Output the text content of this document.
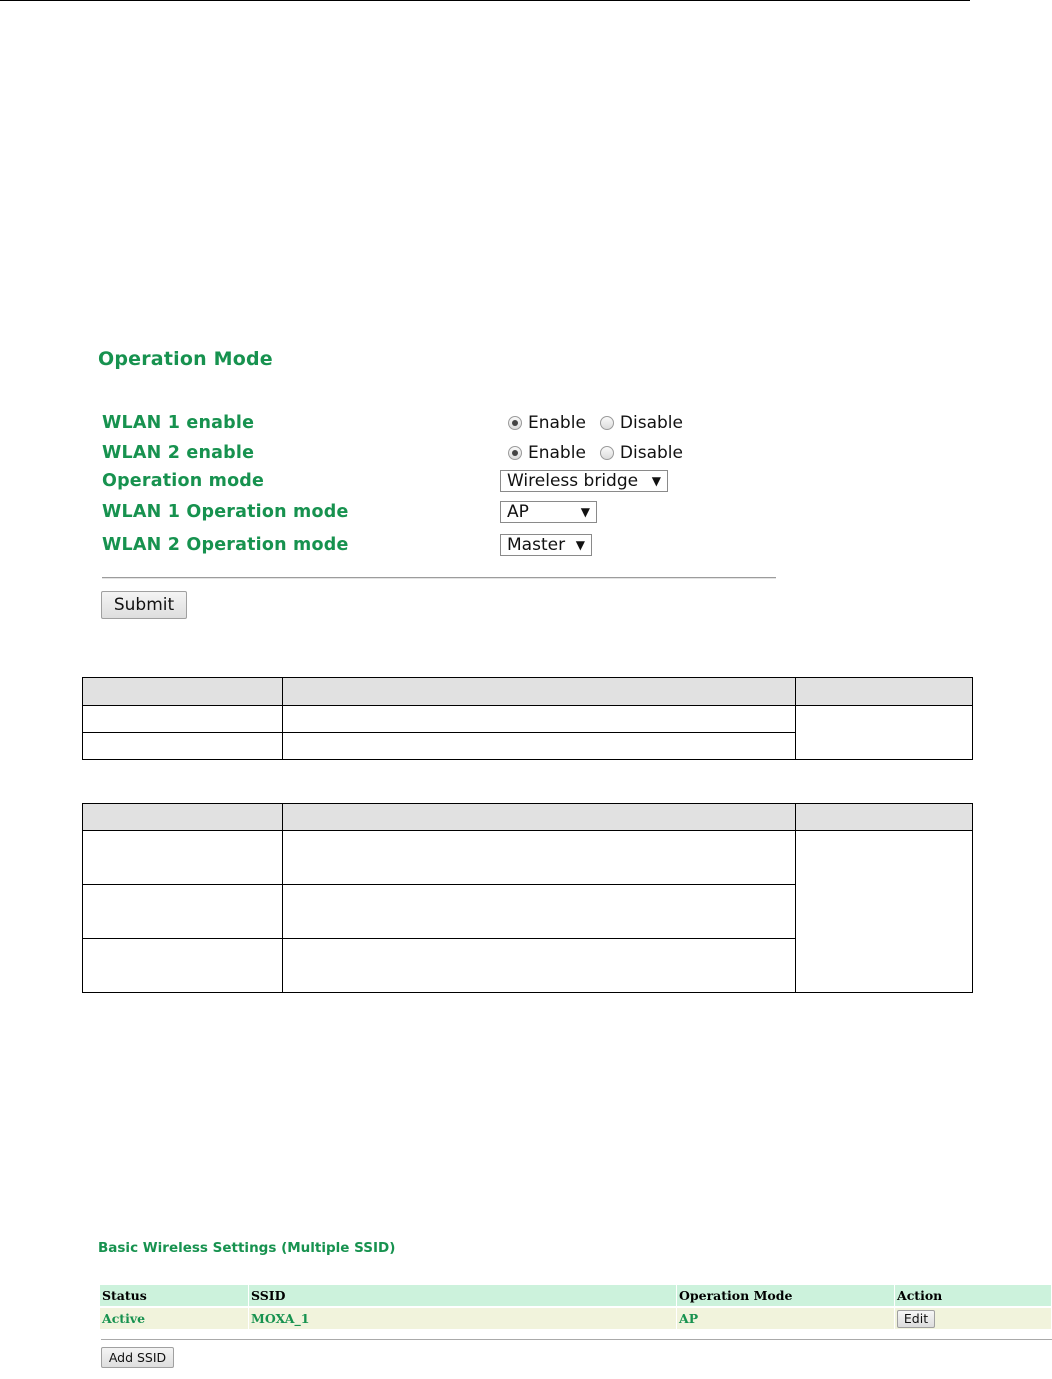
Operation Mode
WLAN 1 enable	Enable Disable
WLAN 2 enable	Enable Disable
Operation mode	Wireless bridge ▼
WLAN 1 Operation mode	AP	▼
WLAN 2 Operation mode	Master ▼
Submit

Basic Wireless Settings (Multiple SSID)
Status	SSID	Operation Mode	Action
Active	MOXA_1	AP	Edit
Add SSID
